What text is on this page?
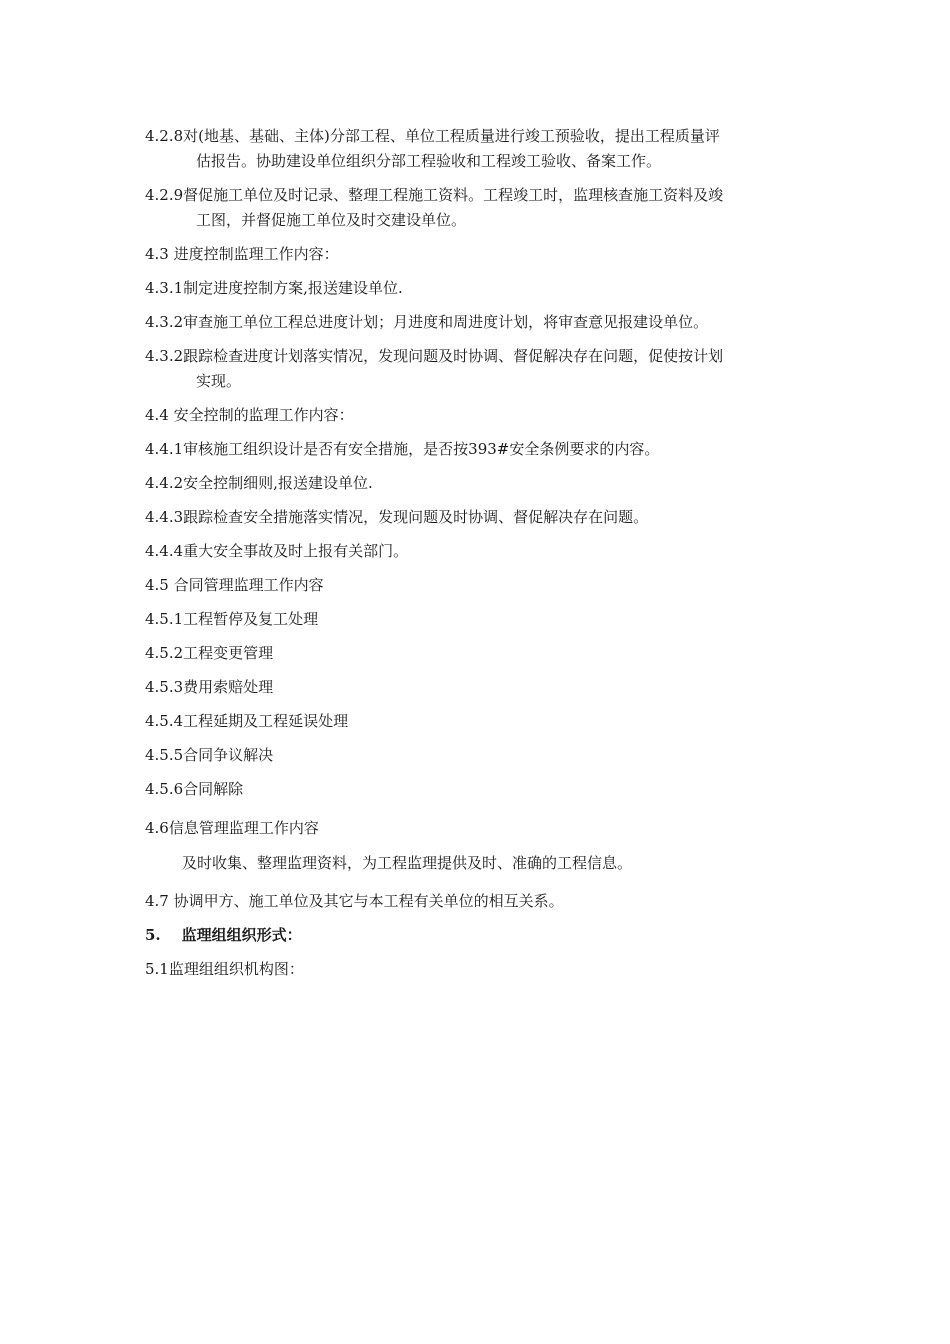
4.2.8对(地基、基础、主体)分部工程、单位工程质量进行竣工预验收，提出工程质量评
估报告。协助建设单位组织分部工程验收和工程竣工验收、备案工作。
4.2.9督促施工单位及时记录、整理工程施工资料。工程竣工时，监理核查施工资料及竣
工图，并督促施工单位及时交建设单位。
4.3 进度控制监理工作内容：
4.3.1制定进度控制方案,报送建设单位.
4.3.2审查施工单位工程总进度计划；月进度和周进度计划，将审查意见报建设单位。
4.3.2跟踪检查进度计划落实情况，发现问题及时协调、督促解决存在问题，促使按计划
实现。
4.4 安全控制的监理工作内容：
4.4.1审核施工组织设计是否有安全措施，是否按393#安全条例要求的内容。
4.4.2安全控制细则,报送建设单位.
4.4.3跟踪检查安全措施落实情况，发现问题及时协调、督促解决存在问题。
4.4.4重大安全事故及时上报有关部门。
4.5 合同管理监理工作内容
4.5.1工程暂停及复工处理
4.5.2工程变更管理
4.5.3费用索赔处理
4.5.4工程延期及工程延误处理
4.5.5合同争议解决
4.5.6合同解除
4.6信息管理监理工作内容
及时收集、整理监理资料，为工程监理提供及时、准确的工程信息。
4.7 协调甲方、施工单位及其它与本工程有关单位的相互关系。
5. 监理组组织形式：
5.1监理组组织机构图：
